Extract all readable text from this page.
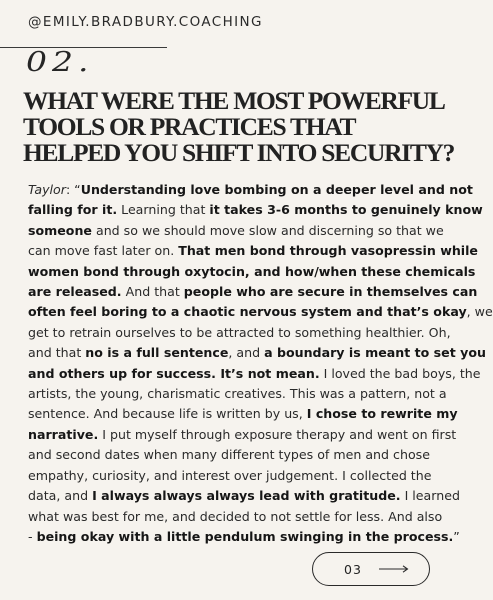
@EMILY.BRADBURY.COACHING
02.
WHAT WERE THE MOST POWERFUL
TOOLS OR PRACTICES THAT
HELPED YOU SHIFT INTO SECURITY?
Taylor: “Understanding love bombing on a deeper level and not
falling for it. Learning that it takes 3-6 months to genuinely know
someone and so we should move slow and discerning so that we
can move fast later on. That men bond through vasopressin while
women bond through oxytocin, and how/when these chemicals
are released. And that people who are secure in themselves can
often feel boring to a chaotic nervous system and that’s okay, we
get to retrain ourselves to be attracted to something healthier. Oh,
and that no is a full sentence, and a boundary is meant to set you
and others up for success. It’s not mean. I loved the bad boys, the
artists, the young, charismatic creatives. This was a pattern, not a
sentence. And because life is written by us, I chose to rewrite my
narrative. I put myself through exposure therapy and went on first
and second dates when many different types of men and chose
empathy, curiosity, and interest over judgement. I collected the
data, and I always always always lead with gratitude. I learned
what was best for me, and decided to not settle for less. And also
- being okay with a little pendulum swinging in the process.”
03
